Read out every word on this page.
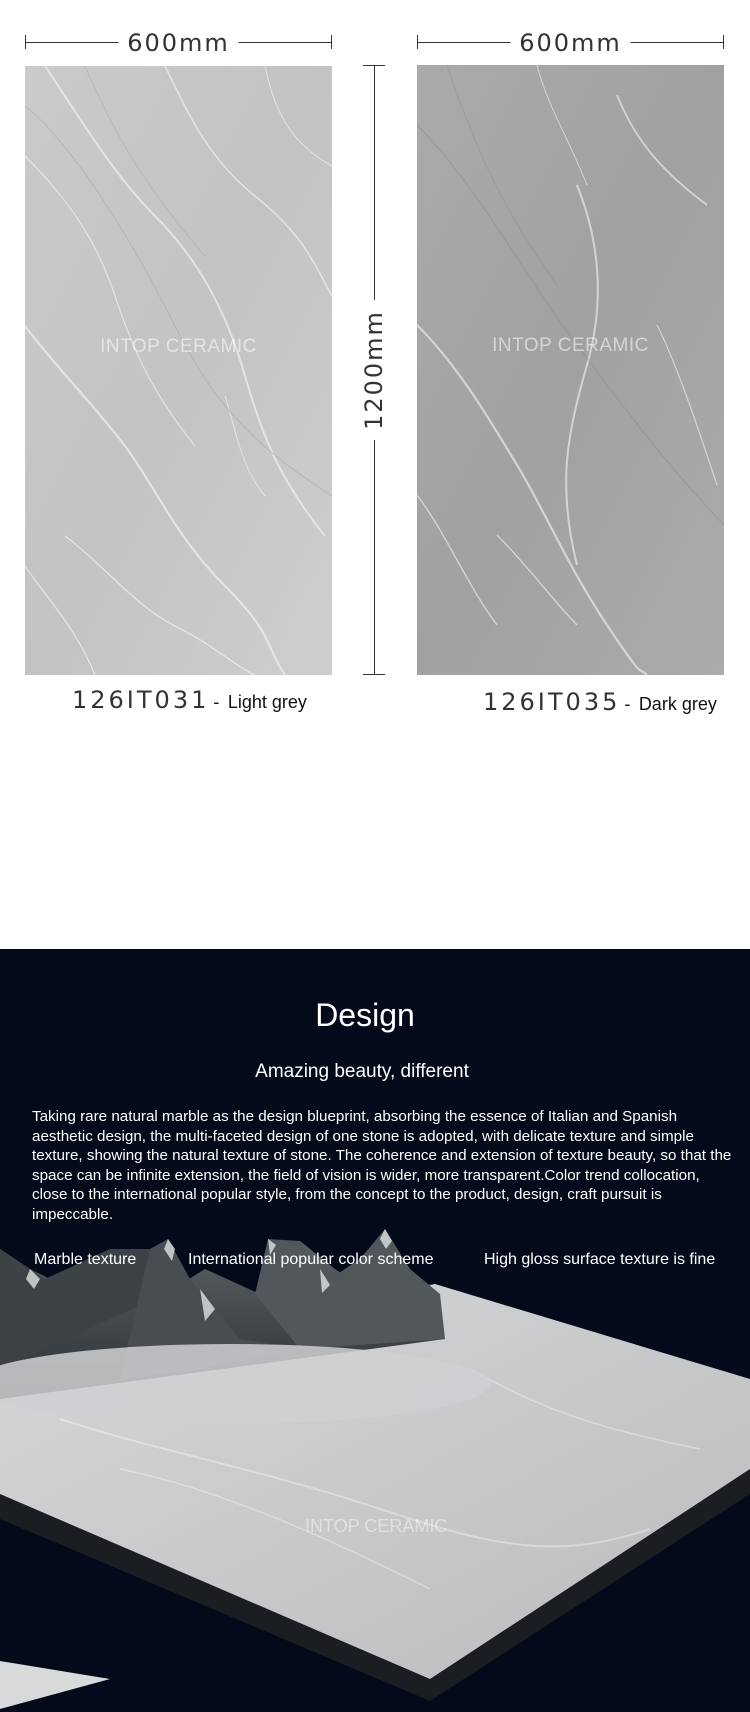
600mm	600mm
1200mm
INTOP CERAMIC	INTOP CERAMIC
126IT031 - Light grey	126IT035 - Dark grey
Design
Amazing beauty, different
Taking rare natural marble as the design blueprint, absorbing the essence of Italian and Spanish aesthetic design, the multi-faceted design of one stone is adopted, with delicate texture and simple texture, showing the natural texture of stone. The coherence and extension of texture beauty, so that the space can be infinite extension, the field of vision is wider, more transparent.Color trend collocation, close to the international popular style, from the concept to the product, design, craft pursuit is impeccable.
Marble texture	International popular color scheme	High gloss surface texture is fine
INTOP CERAMIC
